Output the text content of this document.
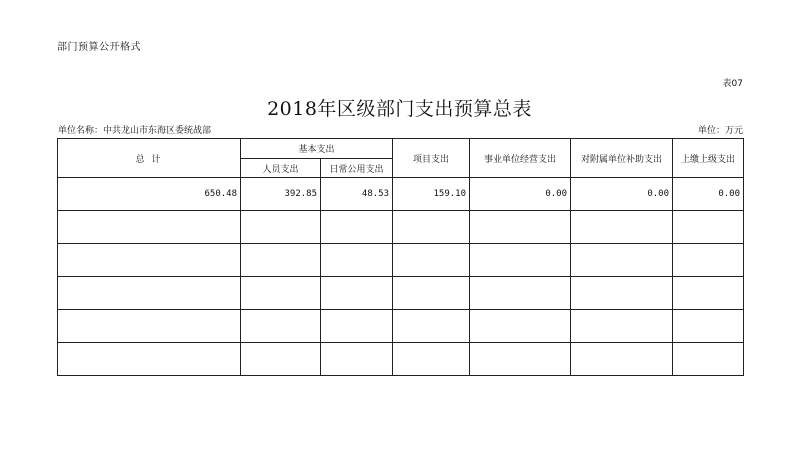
部门预算公开格式
表07
2018年区级部门支出预算总表
单位名称：中共龙山市东海区委统战部	单位：万元
总 计	基本支出		项目支出	事业单位经营支出	对附属单位补助支出	上缴上级支出
	人员支出	日常公用支出				
650.48	392.85	48.53	159.10	0.00	0.00	0.00
